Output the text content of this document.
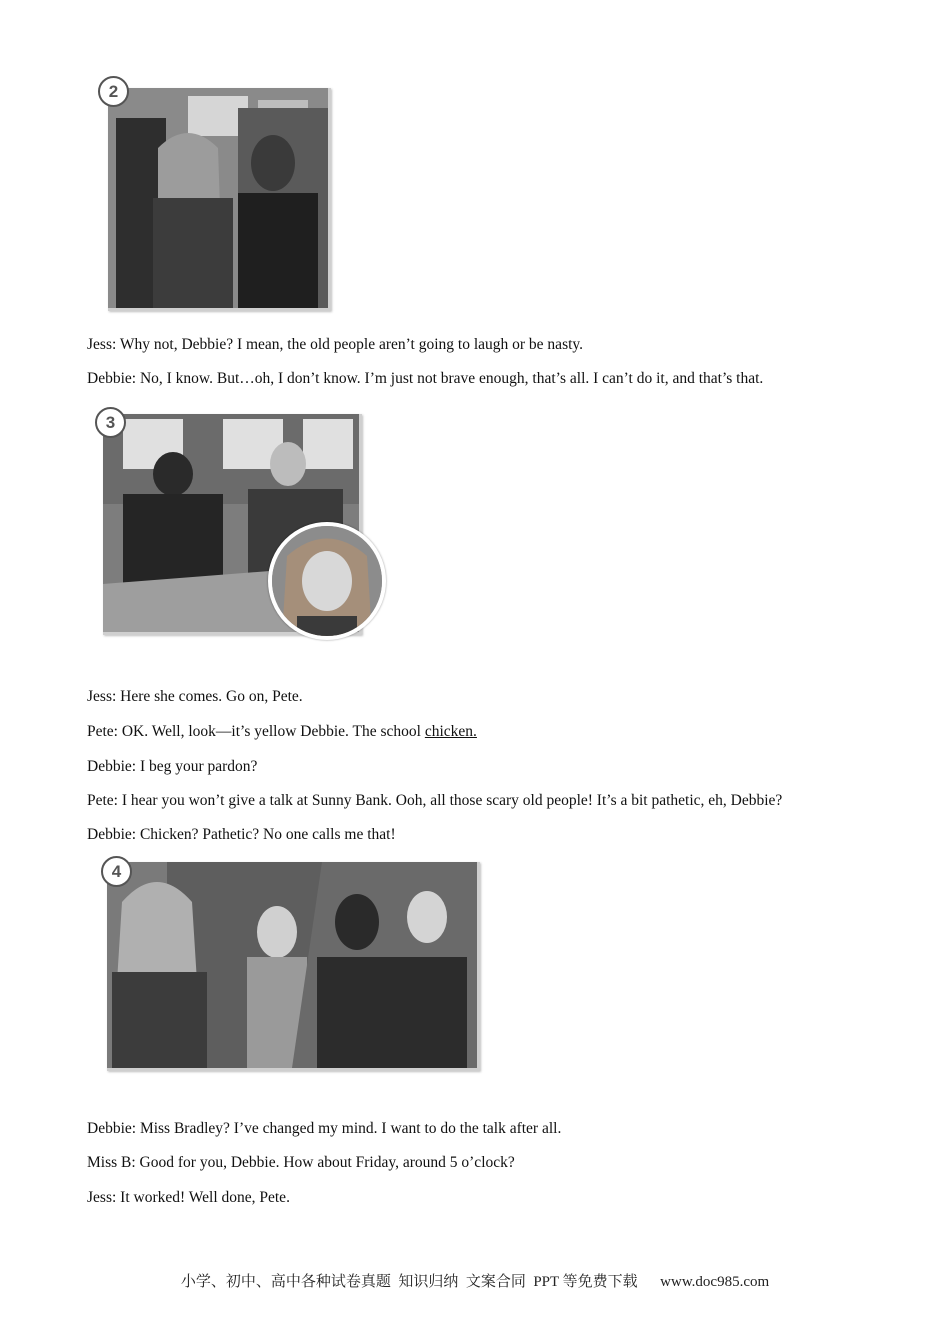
2
Jess: Why not, Debbie? I mean, the old people aren’t going to laugh or be nasty.
Debbie: No, I know. But…oh, I don’t know. I’m just not brave enough, that’s all. I can’t do it, and that’s that.
3
Jess: Here she comes. Go on, Pete.
Pete: OK. Well, look—it’s yellow Debbie. The school chicken.
Debbie: I beg your pardon?
Pete: I hear you won’t give a talk at Sunny Bank. Ooh, all those scary old people! It’s a bit pathetic, eh, Debbie?
Debbie: Chicken? Pathetic? No one calls me that!
4
Debbie: Miss Bradley? I’ve changed my mind. I want to do the talk after all.
Miss B: Good for you, Debbie. How about Friday, around 5 o’clock?
Jess: It worked! Well done, Pete.
小学、初中、高中各种试卷真题  知识归纳  文案合同  PPT 等免费下载      www.doc985.com
